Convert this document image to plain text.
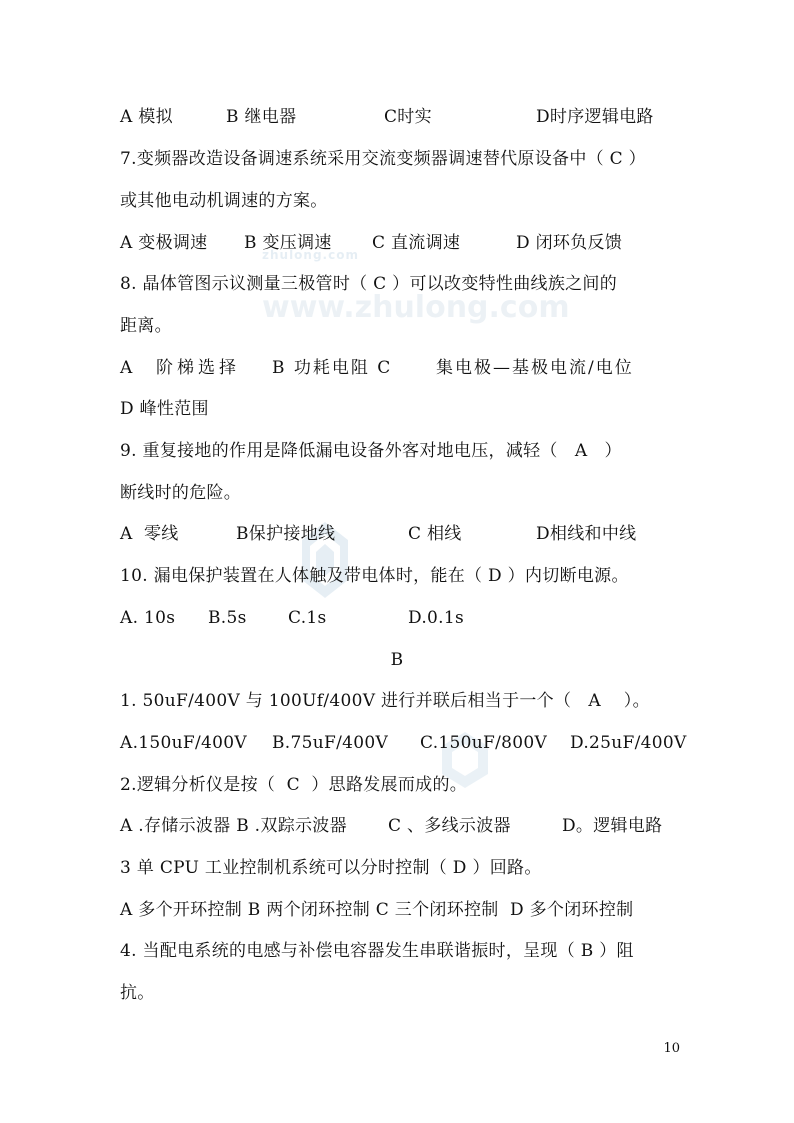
zhulong.com
www.zhulong.com

A 模拟

	B 继电器

	C时实

	D时序逻辑电路

7.变频器改造设备调速系统采用交流变频器调速替代原设备中（ C ）
或其他电动机调速的方案。

A 变极调速

B 变压调速

C 直流调速

	D 闭环负反馈

8. 晶体管图示议测量三极管时（ C ）可以改变特性曲线族之间的
距离。

A

阶梯选择

B 功耗电阻 C

	集电极—基极电流/电位

D 峰性范围
9. 重复接地的作用是降低漏电设备外客对地电压，减轻（   A   ）
断线时的危险。

A  零线

	B保护接地线

	C 相线

	D相线和中线

10. 漏电保护装置在人体触及带电体时，能在（ D ）内切断电源。

A. 10s

B.5s

C.1s

	D.0.1s

B
1. 50uF/400V 与 100Uf/400V 进行并联后相当于一个（   A    ）。

A.150uF/400V

B.75uF/400V

C.150uF/800V

D.25uF/400V

2.逻辑分析仪是按（  C  ）思路发展而成的。

A .存储示波器 B .双踪示波器

C 、多线示波器

	D。逻辑电路

3 单 CPU 工业控制机系统可以分时控制（ D ）回路。
A 多个开环控制 B 两个闭环控制 C 三个闭环控制  D 多个闭环控制
4. 当配电系统的电感与补偿电容器发生串联谐振时，呈现（ B ）阻
抗。
10
